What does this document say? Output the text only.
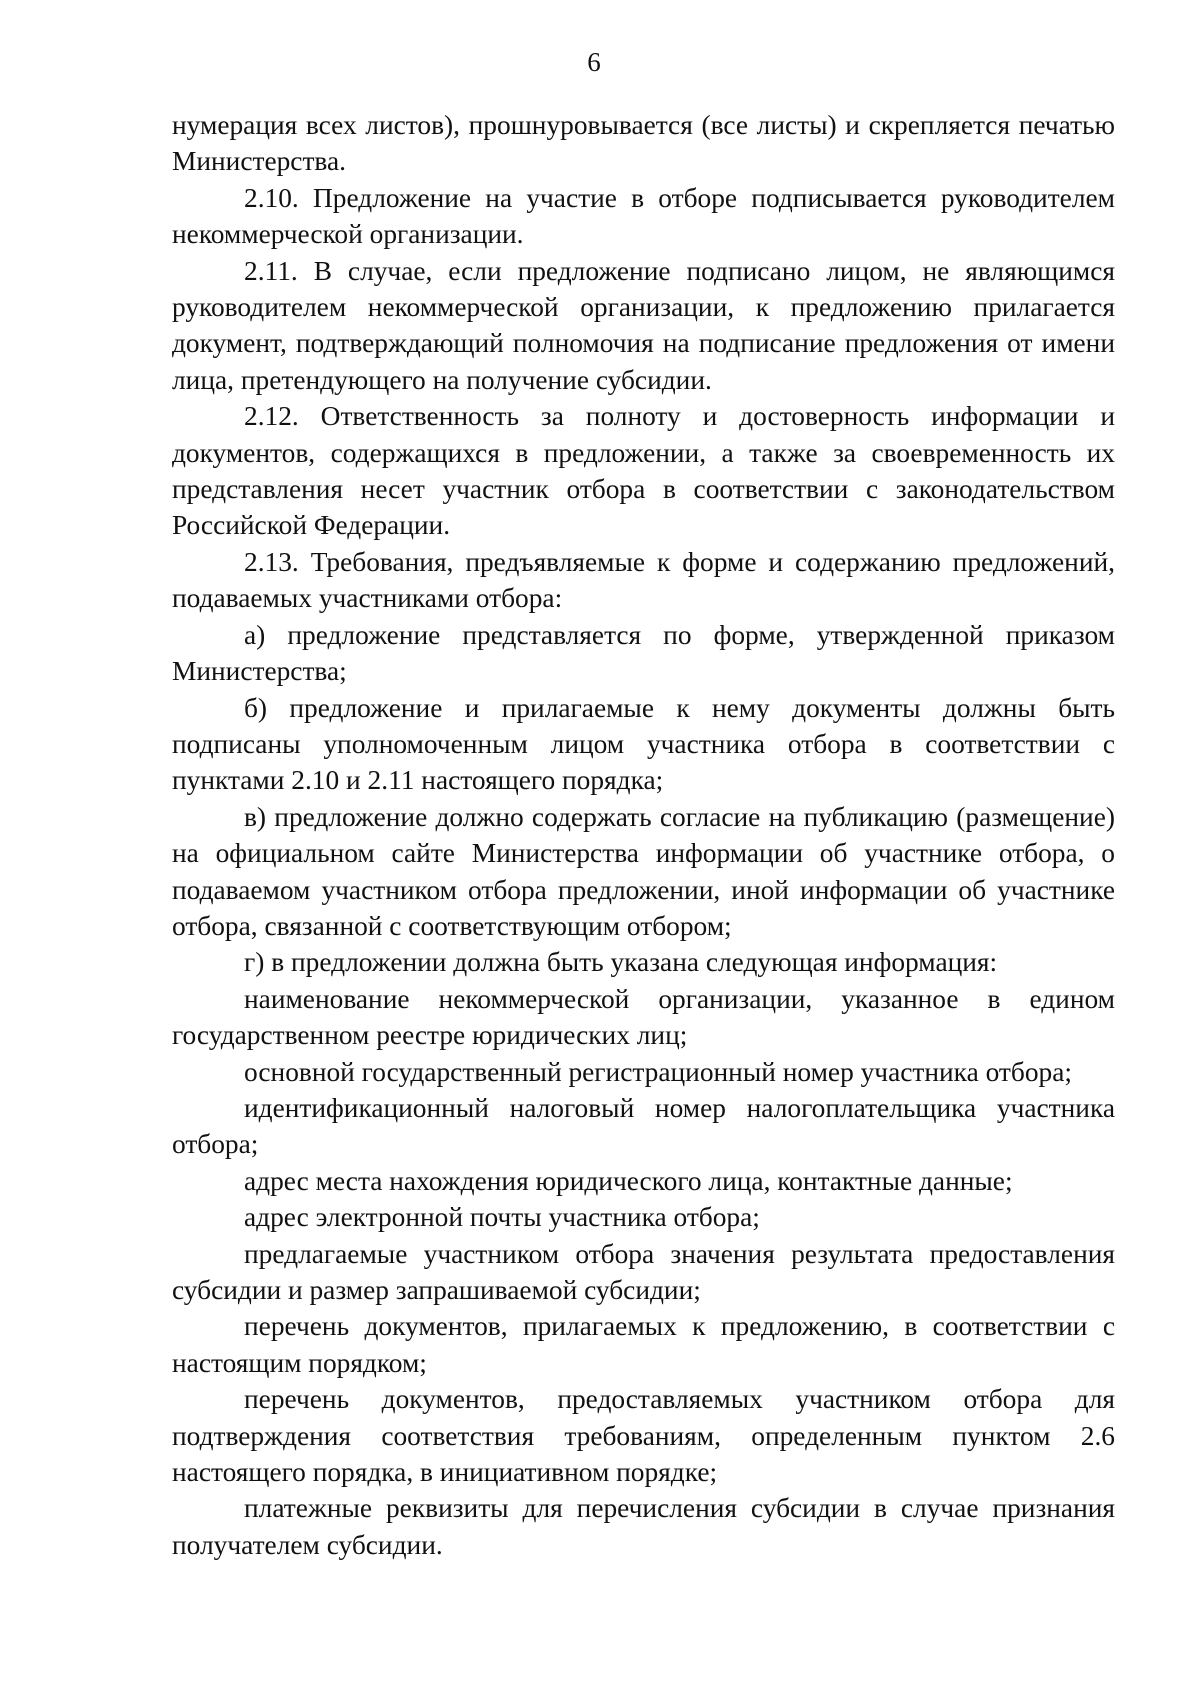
6

нумерация всех листов), прошнуровывается (все листы) и скрепляется печатью Министерства.

2.10. Предложение на участие в отборе подписывается руководителем некоммерческой организации.

2.11. В случае, если предложение подписано лицом, не являющимся руководителем некоммерческой организации, к предложению прилагается документ, подтверждающий полномочия на подписание предложения от имени лица, претендующего на получение субсидии.

2.12. Ответственность за полноту и достоверность информации и документов, содержащихся в предложении, а также за своевременность их представления несет участник отбора в соответствии с законодательством Российской Федерации.

2.13. Требования, предъявляемые к форме и содержанию предложений, подаваемых участниками отбора:

а) предложение представляется по форме, утвержденной приказом Министерства;

б) предложение и прилагаемые к нему документы должны быть подписаны уполномоченным лицом участника отбора в соответствии с пунктами 2.10 и 2.11 настоящего порядка;

в) предложение должно содержать согласие на публикацию (размещение) на официальном сайте Министерства информации об участнике отбора, о подаваемом участником отбора предложении, иной информации об участнике отбора, связанной с соответствующим отбором;

г) в предложении должна быть указана следующая информация:

наименование некоммерческой организации, указанное в едином государственном реестре юридических лиц;

основной государственный регистрационный номер участника отбора;

идентификационный налоговый номер налогоплательщика участника отбора;

адрес места нахождения юридического лица, контактные данные;

адрес электронной почты участника отбора;

предлагаемые участником отбора значения результата предоставления субсидии и размер запрашиваемой субсидии;

перечень документов, прилагаемых к предложению, в соответствии с настоящим порядком;

перечень документов, предоставляемых участником отбора для подтверждения соответствия требованиям, определенным пунктом 2.6 настоящего порядка, в инициативном порядке;

платежные реквизиты для перечисления субсидии в случае признания получателем субсидии.
